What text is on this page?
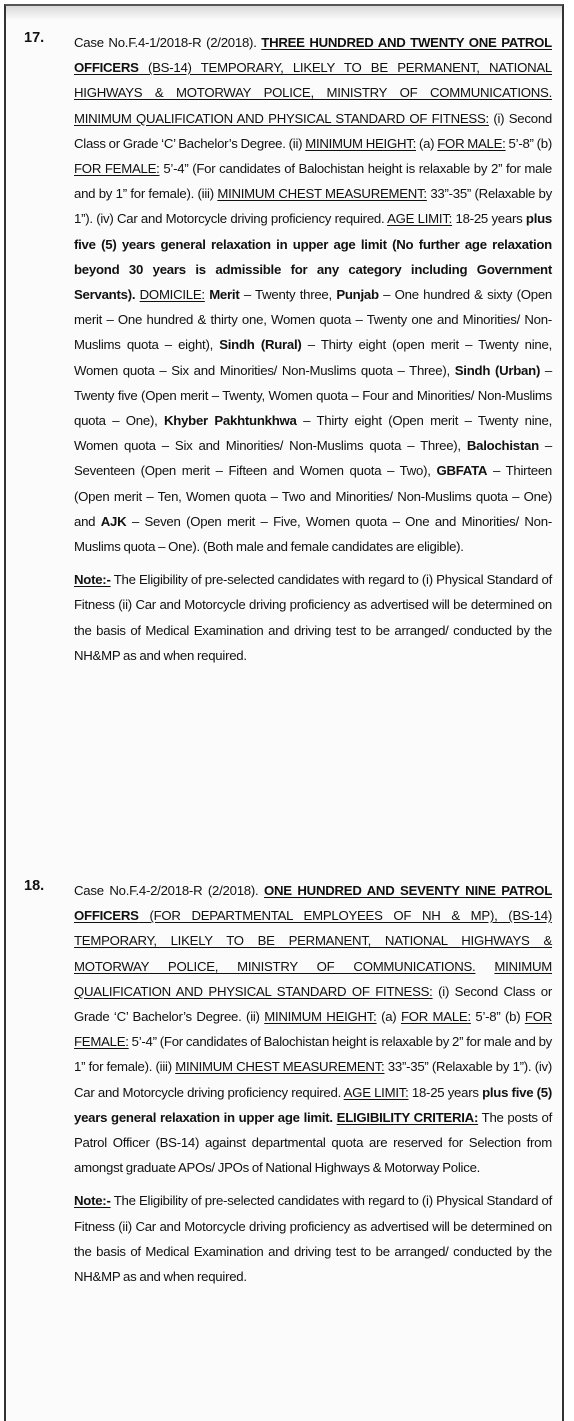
17. Case No.F.4-1/2018-R (2/2018). THREE HUNDRED AND TWENTY ONE PATROL OFFICERS (BS-14) TEMPORARY, LIKELY TO BE PERMANENT, NATIONAL HIGHWAYS & MOTORWAY POLICE, MINISTRY OF COMMUNICATIONS. MINIMUM QUALIFICATION AND PHYSICAL STANDARD OF FITNESS: (i) Second Class or Grade ‘C’ Bachelor’s Degree. (ii) MINIMUM HEIGHT: (a) FOR MALE: 5’-8” (b) FOR FEMALE: 5’-4” (For candidates of Balochistan height is relaxable by 2” for male and by 1” for female). (iii) MINIMUM CHEST MEASUREMENT: 33”-35” (Relaxable by 1”). (iv) Car and Motorcycle driving proficiency required. AGE LIMIT: 18-25 years plus five (5) years general relaxation in upper age limit (No further age relaxation beyond 30 years is admissible for any category including Government Servants). DOMICILE: Merit – Twenty three, Punjab – One hundred & sixty (Open merit – One hundred & thirty one, Women quota – Twenty one and Minorities/ Non-Muslims quota – eight), Sindh (Rural) – Thirty eight (open merit – Twenty nine, Women quota – Six and Minorities/ Non-Muslims quota – Three), Sindh (Urban) – Twenty five (Open merit – Twenty, Women quota – Four and Minorities/ Non-Muslims quota – One), Khyber Pakhtunkhwa – Thirty eight (Open merit – Twenty nine, Women quota – Six and Minorities/ Non-Muslims quota – Three), Balochistan – Seventeen (Open merit – Fifteen and Women quota – Two), GBFATA – Thirteen (Open merit – Ten, Women quota – Two and Minorities/ Non-Muslims quota – One) and AJK – Seven (Open merit – Five, Women quota – One and Minorities/ Non-Muslims quota – One). (Both male and female candidates are eligible).

Note:- The Eligibility of pre-selected candidates with regard to (i) Physical Standard of Fitness (ii) Car and Motorcycle driving proficiency as advertised will be determined on the basis of Medical Examination and driving test to be arranged/ conducted by the NH&MP as and when required.

18. Case No.F.4-2/2018-R (2/2018). ONE HUNDRED AND SEVENTY NINE PATROL OFFICERS (FOR DEPARTMENTAL EMPLOYEES OF NH & MP), (BS-14) TEMPORARY, LIKELY TO BE PERMANENT, NATIONAL HIGHWAYS & MOTORWAY POLICE, MINISTRY OF COMMUNICATIONS. MINIMUM QUALIFICATION AND PHYSICAL STANDARD OF FITNESS: (i) Second Class or Grade ‘C’ Bachelor’s Degree. (ii) MINIMUM HEIGHT: (a) FOR MALE: 5’-8” (b) FOR FEMALE: 5’-4” (For candidates of Balochistan height is relaxable by 2” for male and by 1” for female). (iii) MINIMUM CHEST MEASUREMENT: 33”-35” (Relaxable by 1”). (iv) Car and Motorcycle driving proficiency required. AGE LIMIT: 18-25 years plus five (5) years general relaxation in upper age limit. ELIGIBILITY CRITERIA: The posts of Patrol Officer (BS-14) against departmental quota are reserved for Selection from amongst graduate APOs/ JPOs of National Highways & Motorway Police.

Note:- The Eligibility of pre-selected candidates with regard to (i) Physical Standard of Fitness (ii) Car and Motorcycle driving proficiency as advertised will be determined on the basis of Medical Examination and driving test to be arranged/ conducted by the NH&MP as and when required.
